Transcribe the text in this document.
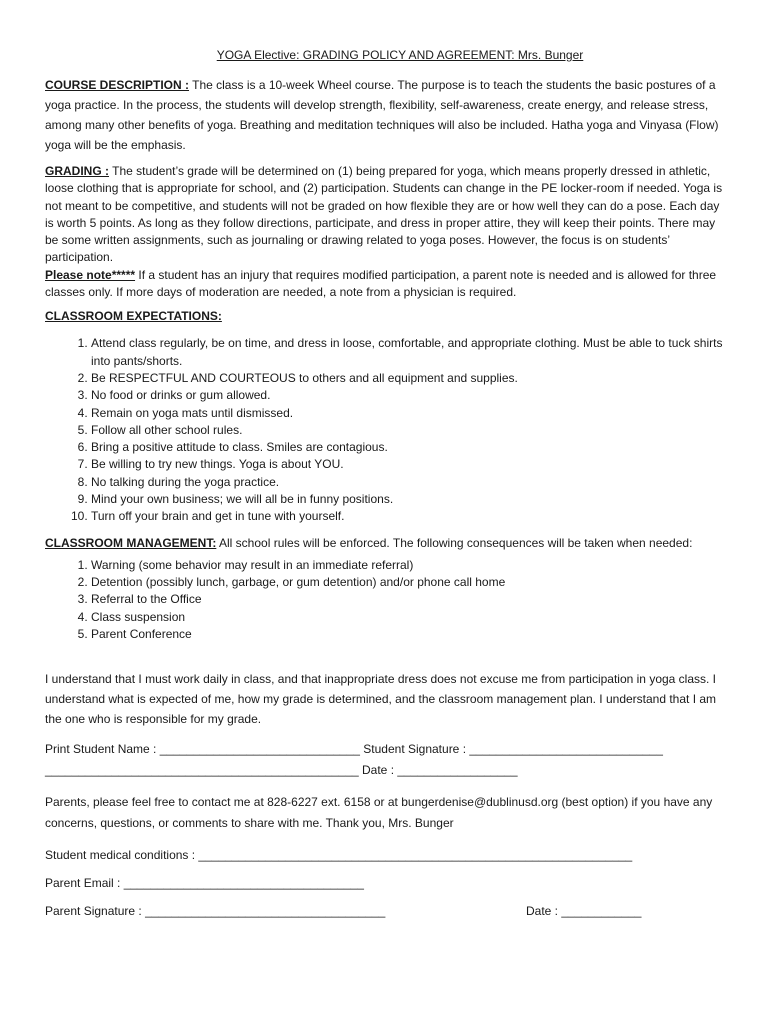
YOGA Elective: GRADING POLICY AND AGREEMENT: Mrs. Bunger

COURSE DESCRIPTION : The class is a 10-week Wheel course. The purpose is to teach the students the basic postures of a yoga practice. In the process, the students will develop strength, flexibility, self-awareness, create energy, and release stress, among many other benefits of yoga. Breathing and meditation techniques will also be included. Hatha yoga and Vinyasa (Flow) yoga will be the emphasis.

GRADING : The student’s grade will be determined on (1) being prepared for yoga, which means properly dressed in athletic, loose clothing that is appropriate for school, and (2) participation. Students can change in the PE locker-room if needed. Yoga is not meant to be competitive, and students will not be graded on how flexible they are or how well they can do a pose. Each day is worth 5 points. As long as they follow directions, participate, and dress in proper attire, they will keep their points. There may be some written assignments, such as journaling or drawing related to yoga poses. However, the focus is on students’ participation.

Please note***** If a student has an injury that requires modified participation, a parent note is needed and is allowed for three classes only. If more days of moderation are needed, a note from a physician is required.

CLASSROOM EXPECTATIONS:

1. Attend class regularly, be on time, and dress in loose, comfortable, and appropriate clothing. Must be able to tuck shirts into pants/shorts.
2. Be RESPECTFUL AND COURTEOUS to others and all equipment and supplies.
3. No food or drinks or gum allowed.
4. Remain on yoga mats until dismissed.
5. Follow all other school rules.
6. Bring a positive attitude to class. Smiles are contagious.
7. Be willing to try new things. Yoga is about YOU.
8. No talking during the yoga practice.
9. Mind your own business; we will all be in funny positions.
10. Turn off your brain and get in tune with yourself.

CLASSROOM MANAGEMENT: All school rules will be enforced. The following consequences will be taken when needed:

1. Warning (some behavior may result in an immediate referral)
2. Detention (possibly lunch, garbage, or gum detention) and/or phone call home
3. Referral to the Office
4. Class suspension
5. Parent Conference

I understand that I must work daily in class, and that inappropriate dress does not excuse me from participation in yoga class. I understand what is expected of me, how my grade is determined, and the classroom management plan. I understand that I am the one who is responsible for my grade.

Print Student Name : ______________________________ Student Signature : _____________________________
_______________________________________________ Date : __________________

Parents, please feel free to contact me at 828-6227 ext. 6158 or at bungerdenise@dublinusd.org (best option) if you have any concerns, questions, or comments to share with me. Thank you, Mrs. Bunger

Student medical conditions : _________________________________________________________________
Parent Email : ____________________________________
Parent Signature : ____________________________________	Date : ____________
